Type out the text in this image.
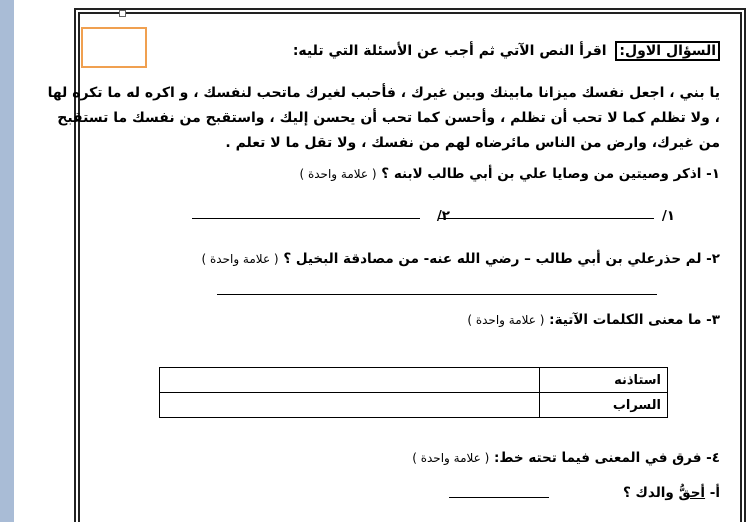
السؤال الاول: اقرأ النص الآتي ثم أجب عن الأسئلة التي تليه:
يا بني ، اجعل نفسك ميزانا مابينك وبين غيرك ، فأحبب لغيرك ماتحب لنفسك ، و اكره له ما تكره لها ، ولا تظلم كما لا تحب أن تظلم ، وأحسن كما تحب أن يحسن إليك ، واستقبح من نفسك ما تستقبح من غيرك، وارض من الناس مائرضاه لهم من نفسك ، ولا تقل ما لا تعلم .
١- اذكر وصيتين من وصايا علي بن أبي طالب لابنه ؟ ( علامة واحدة )
١/
٢/
٢- لم حذرعلي بن أبي طالب – رضي الله عنه- من مصادقة البخيل ؟ ( علامة واحدة )
٣- ما معنى الكلمات الآتية: ( علامة واحدة )
استاذنه	
السراب	
٤- فرق في المعنى فيما تحته خط: ( علامة واحدة )
أ- أحقُّ والدك ؟
